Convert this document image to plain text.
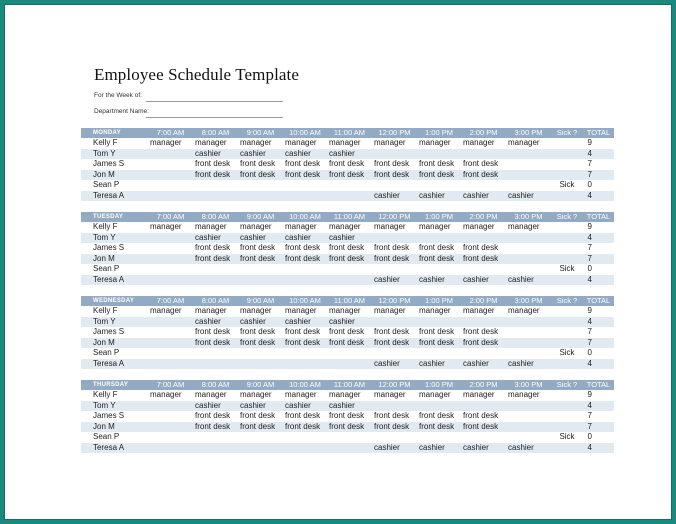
Employee Schedule Template
For the Week of:
Department Name:
MONDAY	7:00 AM	8:00 AM	9:00 AM	10:00 AM	11:00 AM	12:00 PM	1:00 PM	2:00 PM	3:00 PM	Sick ?	TOTAL
Kelly F	manager	manager	manager	manager	manager	manager	manager	manager	manager		9
Tom Y		cashier	cashier	cashier	cashier						4
James S		front desk	front desk	front desk	front desk	front desk	front desk	front desk			7
Jon M		front desk	front desk	front desk	front desk	front desk	front desk	front desk			7
Sean P										Sick	0
Teresa A						cashier	cashier	cashier	cashier		4
TUESDAY	7:00 AM	8:00 AM	9:00 AM	10:00 AM	11:00 AM	12:00 PM	1:00 PM	2:00 PM	3:00 PM	Sick ?	TOTAL
Kelly F	manager	manager	manager	manager	manager	manager	manager	manager	manager		9
Tom Y		cashier	cashier	cashier	cashier						4
James S		front desk	front desk	front desk	front desk	front desk	front desk	front desk			7
Jon M		front desk	front desk	front desk	front desk	front desk	front desk	front desk			7
Sean P										Sick	0
Teresa A						cashier	cashier	cashier	cashier		4
WEDNESDAY	7:00 AM	8:00 AM	9:00 AM	10:00 AM	11:00 AM	12:00 PM	1:00 PM	2:00 PM	3:00 PM	Sick ?	TOTAL
Kelly F	manager	manager	manager	manager	manager	manager	manager	manager	manager		9
Tom Y		cashier	cashier	cashier	cashier						4
James S		front desk	front desk	front desk	front desk	front desk	front desk	front desk			7
Jon M		front desk	front desk	front desk	front desk	front desk	front desk	front desk			7
Sean P										Sick	0
Teresa A						cashier	cashier	cashier	cashier		4
THURSDAY	7:00 AM	8:00 AM	9:00 AM	10:00 AM	11:00 AM	12:00 PM	1:00 PM	2:00 PM	3:00 PM	Sick ?	TOTAL
Kelly F	manager	manager	manager	manager	manager	manager	manager	manager	manager		9
Tom Y		cashier	cashier	cashier	cashier						4
James S		front desk	front desk	front desk	front desk	front desk	front desk	front desk			7
Jon M		front desk	front desk	front desk	front desk	front desk	front desk	front desk			7
Sean P										Sick	0
Teresa A						cashier	cashier	cashier	cashier		4
